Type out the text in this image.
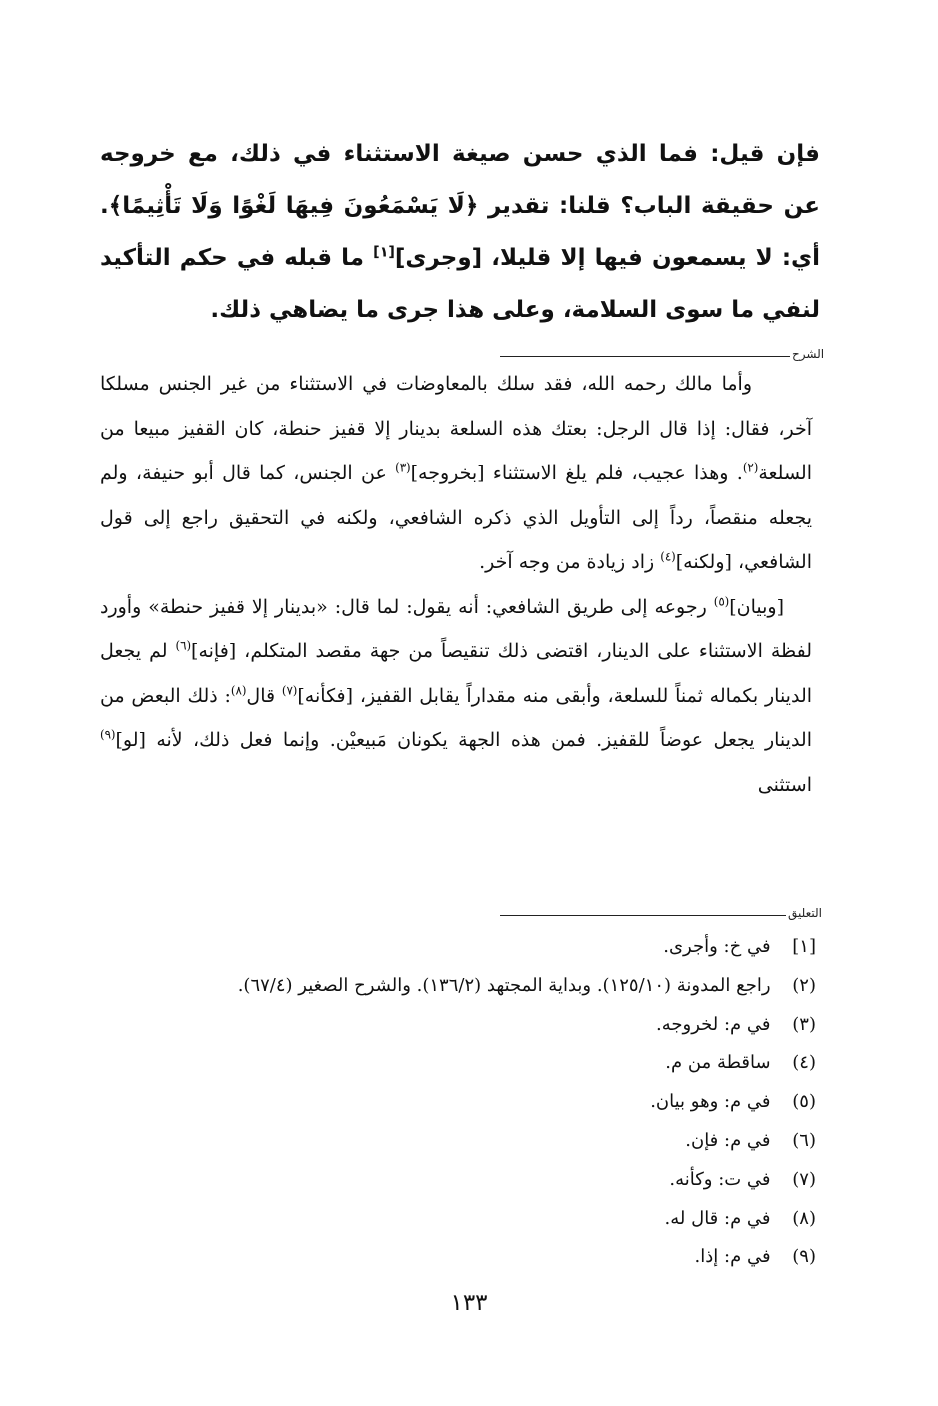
فإن قيل: فما الذي حسن صيغة الاستثناء في ذلك، مع خروجه عن حقيقة الباب؟ قلنا: تقدير ﴿لَا يَسْمَعُونَ فِيهَا لَغْوًا وَلَا تَأْثِيمًا﴾. أي: لا يسمعون فيها إلا قليلا، [وجرى][١] ما قبله في حكم التأكيد لنفي ما سوى السلامة، وعلى هذا جرى ما يضاهي ذلك.

الشرح

وأما مالك رحمه الله، فقد سلك بالمعاوضات في الاستثناء من غير الجنس مسلكا آخر، فقال: إذا قال الرجل: بعتك هذه السلعة بدينار إلا قفيز حنطة، كان القفيز مبيعا من السلعة$^{(٢)}$. وهذا عجيب، فلم يلغ الاستثناء [بخروجه]$^{(٣)}$ عن الجنس، كما قال أبو حنيفة، ولم يجعله منقصاً، رداً إلى التأويل الذي ذكره الشافعي، ولكنه في التحقيق راجع إلى قول الشافعي، [ولكنه]$^{(٤)}$ زاد زيادة من وجه آخر.

[وبيان]$^{(٥)}$ رجوعه إلى طريق الشافعي: أنه يقول: لما قال: «بدينار إلا قفيز حنطة» وأورد لفظة الاستثناء على الدينار، اقتضى ذلك تنقيصاً من جهة مقصد المتكلم، [فإنه]$^{(٦)}$ لم يجعل الدينار بكماله ثمناً للسلعة، وأبقى منه مقداراً يقابل القفيز، [فكأنه]$^{(٧)}$ قال$^{(٨)}$: ذلك البعض من الدينار يجعل عوضاً للقفيز. فمن هذه الجهة يكونان مَبيعيْن. وإنما فعل ذلك، لأنه [لو]$^{(٩)}$ استثنى

التعليق
[١]  في خ: وأجرى.
(٢)  راجع المدونة (١٢٥/١٠). وبداية المجتهد (١٣٦/٢). والشرح الصغير (٦٧/٤).
(٣)  في م: لخروجه.
(٤)  ساقطة من م.
(٥)  في م: وهو بيان.
(٦)  في م: فإن.
(٧)  في ت: وكأنه.
(٨)  في م: قال له.
(٩)  في م: إذا.
١٣٣
